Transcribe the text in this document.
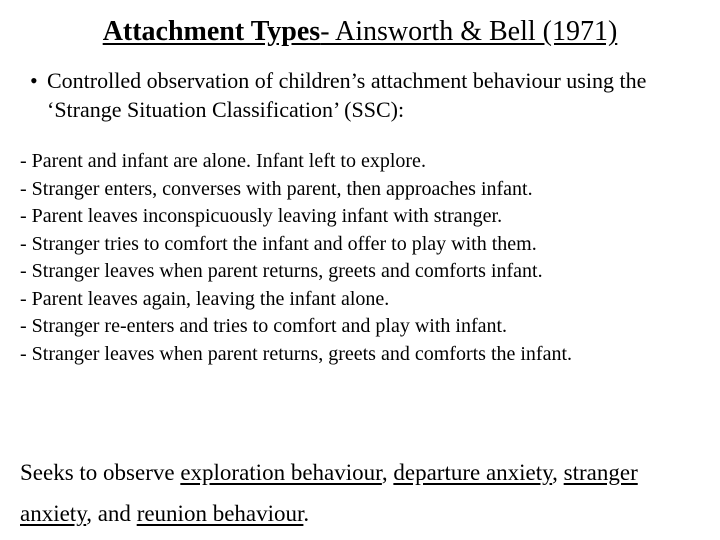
Attachment Types- Ainsworth & Bell (1971)
• Controlled observation of children’s attachment behaviour using the ‘Strange Situation Classification’ (SSC):
- Parent and infant are alone. Infant left to explore.
- Stranger enters, converses with parent, then approaches infant.
- Parent leaves inconspicuously leaving infant with stranger.
- Stranger tries to comfort the infant and offer to play with them.
- Stranger leaves when parent returns, greets and comforts infant.
- Parent leaves again, leaving the infant alone.
- Stranger re-enters and tries to comfort and play with infant.
- Stranger leaves when parent returns, greets and comforts the infant.
Seeks to observe exploration behaviour, departure anxiety, stranger anxiety, and reunion behaviour.
